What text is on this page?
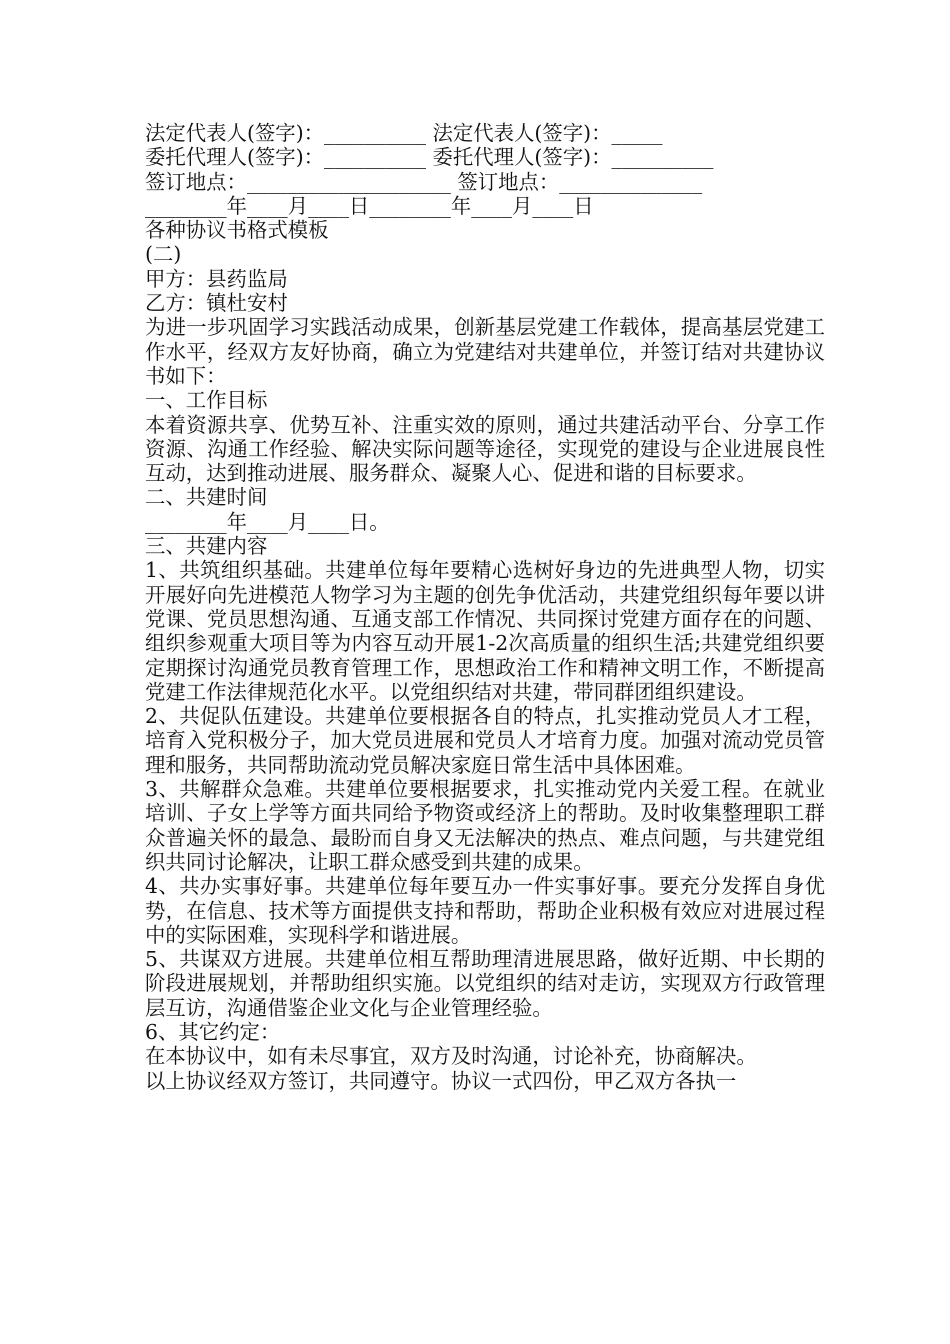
法定代表人(签字)：__________ 法定代表人(签字)：_____
委托代理人(签字)：__________ 委托代理人(签字)：__________
签订地点：____________________ 签订地点：______________
________年____月____日________年____月____日
各种协议书格式模板
(二)
甲方：县药监局
乙方：镇杜安村
为进一步巩固学习实践活动成果，创新基层党建工作载体，提高基层党建工作水平，经双方友好协商，确立为党建结对共建单位，并签订结对共建协议书如下：
一、工作目标
本着资源共享、优势互补、注重实效的原则，通过共建活动平台、分享工作资源、沟通工作经验、解决实际问题等途径，实现党的建设与企业进展良性互动，达到推动进展、服务群众、凝聚人心、促进和谐的目标要求。
二、共建时间
________年____月____日。
三、共建内容
1、共筑组织基础。共建单位每年要精心选树好身边的先进典型人物，切实开展好向先进模范人物学习为主题的创先争优活动，共建党组织每年要以讲党课、党员思想沟通、互通支部工作情况、共同探讨党建方面存在的问题、组织参观重大项目等为内容互动开展1-2次高质量的组织生活;共建党组织要定期探讨沟通党员教育管理工作，思想政治工作和精神文明工作，不断提高党建工作法律规范化水平。以党组织结对共建，带同群团组织建设。
2、共促队伍建设。共建单位要根据各自的特点，扎实推动党员人才工程，培育入党积极分子，加大党员进展和党员人才培育力度。加强对流动党员管理和服务，共同帮助流动党员解决家庭日常生活中具体困难。
3、共解群众急难。共建单位要根据要求，扎实推动党内关爱工程。在就业培训、子女上学等方面共同给予物资或经济上的帮助。及时收集整理职工群众普遍关怀的最急、最盼而自身又无法解决的热点、难点问题，与共建党组织共同讨论解决，让职工群众感受到共建的成果。
4、共办实事好事。共建单位每年要互办一件实事好事。要充分发挥自身优势，在信息、技术等方面提供支持和帮助，帮助企业积极有效应对进展过程中的实际困难，实现科学和谐进展。
5、共谋双方进展。共建单位相互帮助理清进展思路，做好近期、中长期的阶段进展规划，并帮助组织实施。以党组织的结对走访，实现双方行政管理层互访，沟通借鉴企业文化与企业管理经验。
6、其它约定：
在本协议中，如有未尽事宜，双方及时沟通，讨论补充，协商解决。
以上协议经双方签订，共同遵守。协议一式四份，甲乙双方各执一
